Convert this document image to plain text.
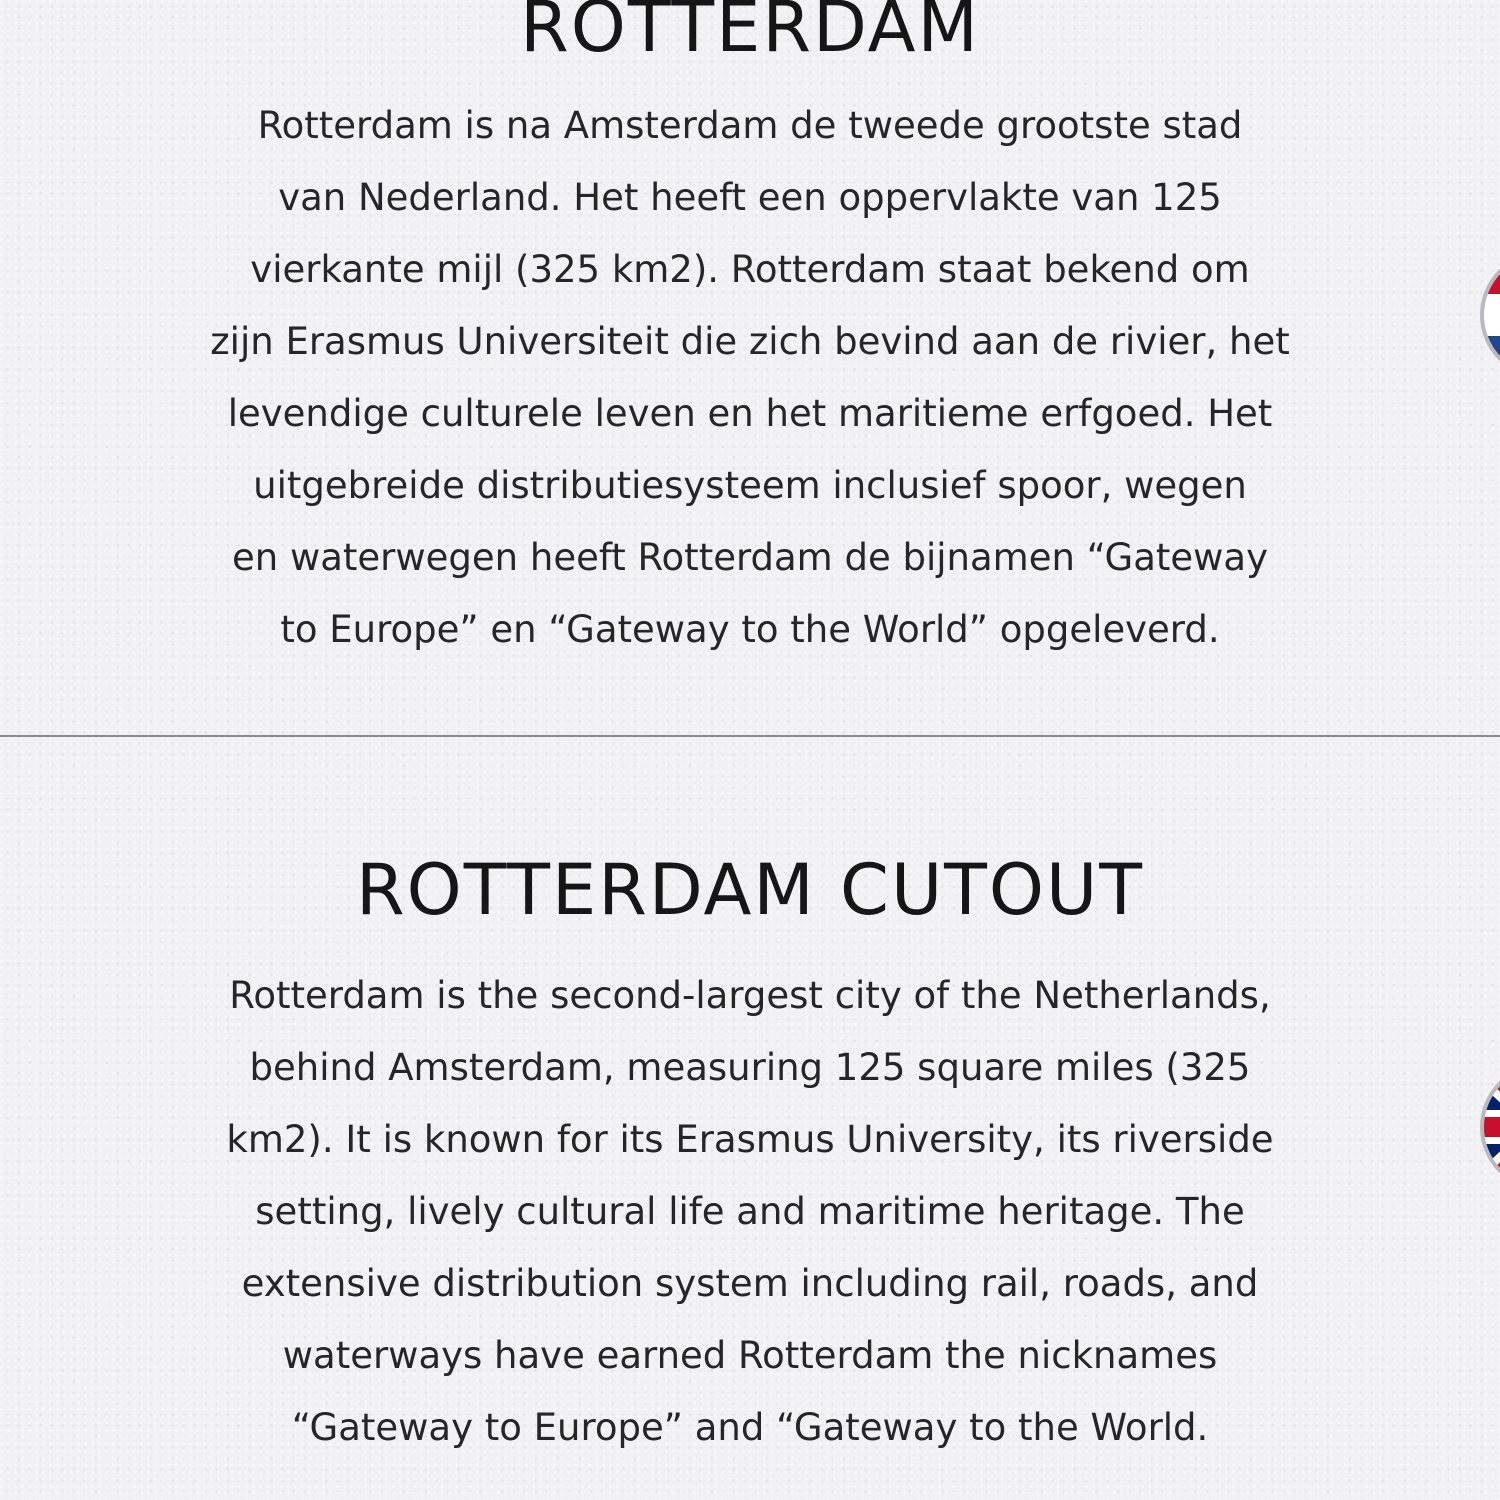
ROTTERDAM
Rotterdam is na Amsterdam de tweede grootste stad
van Nederland. Het heeft een oppervlakte van 125
vierkante mijl (325 km2). Rotterdam staat bekend om
zijn Erasmus Universiteit die zich bevind aan de rivier, het
levendige culturele leven en het maritieme erfgoed. Het
uitgebreide distributiesysteem inclusief spoor, wegen
en waterwegen heeft Rotterdam de bijnamen “Gateway
to Europe” en “Gateway to the World” opgeleverd.
ROTTERDAM CUTOUT
Rotterdam is the second-largest city of the Netherlands,
behind Amsterdam, measuring 125 square miles (325
km2). It is known for its Erasmus University, its riverside
setting, lively cultural life and maritime heritage. The
extensive distribution system including rail, roads, and
waterways have earned Rotterdam the nicknames
“Gateway to Europe” and “Gateway to the World.
